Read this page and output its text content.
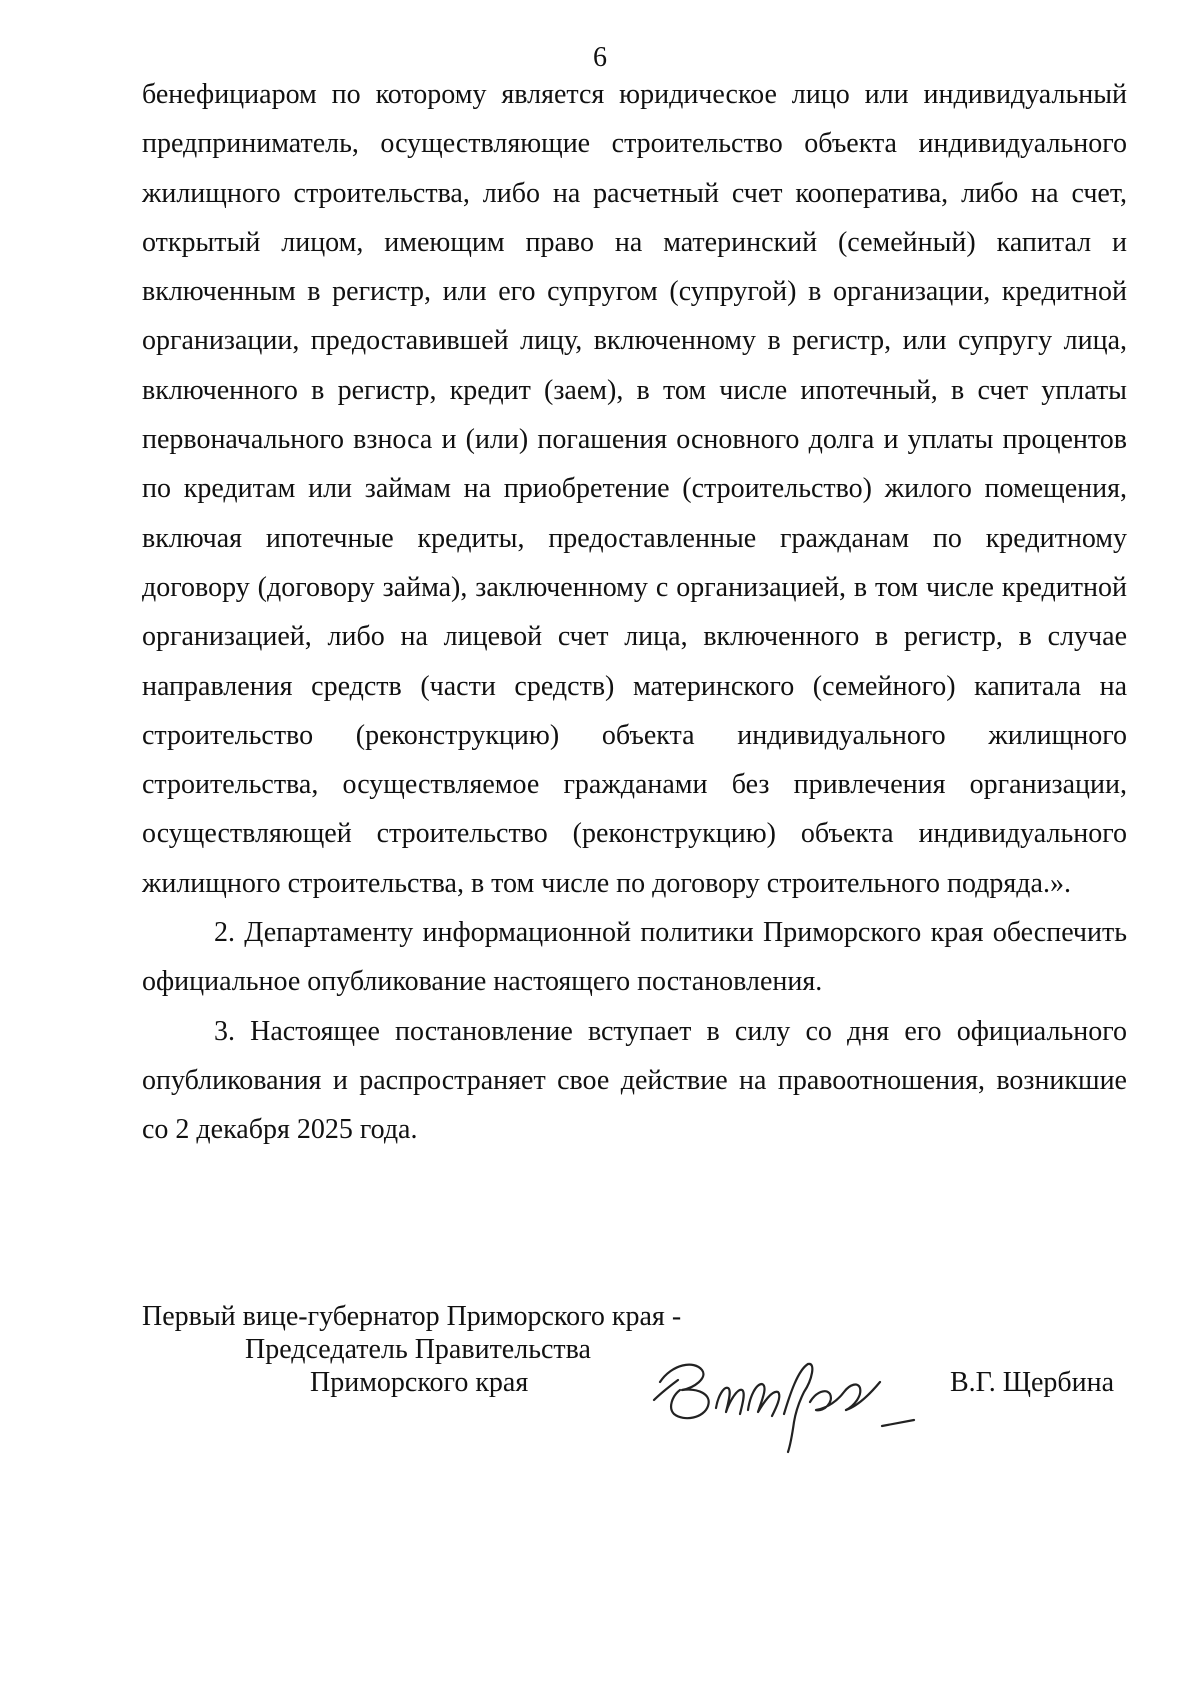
6

бенефициаром по которому является юридическое лицо или индивидуальный предприниматель, осуществляющие строительство объекта индивидуального жилищного строительства, либо на расчетный счет кооператива, либо на счет, открытый лицом, имеющим право на материнский (семейный) капитал и включенным в регистр, или его супругом (супругой) в организации, кредитной организации, предоставившей лицу, включенному в регистр, или супругу лица, включенного в регистр, кредит (заем), в том числе ипотечный, в счет уплаты первоначального взноса и (или) погашения основного долга и уплаты процентов по кредитам или займам на приобретение (строительство) жилого помещения, включая ипотечные кредиты, предоставленные гражданам по кредитному договору (договору займа), заключенному с организацией, в том числе кредитной организацией, либо на лицевой счет лица, включенного в регистр, в случае направления средств (части средств) материнского (семейного) капитала на строительство (реконструкцию) объекта индивидуального жилищного строительства, осуществляемое гражданами без привлечения организации, осуществляющей строительство (реконструкцию) объекта индивидуального жилищного строительства, в том числе по договору строительного подряда.».

2. Департаменту информационной политики Приморского края обеспечить официальное опубликование настоящего постановления.

3. Настоящее постановление вступает в силу со дня его официального опубликования и распространяет свое действие на правоотношения, возникшие со 2 декабря 2025 года.

Первый вице-губернатор Приморского края -
Председатель Правительства
Приморского края	В.Г. Щербина
